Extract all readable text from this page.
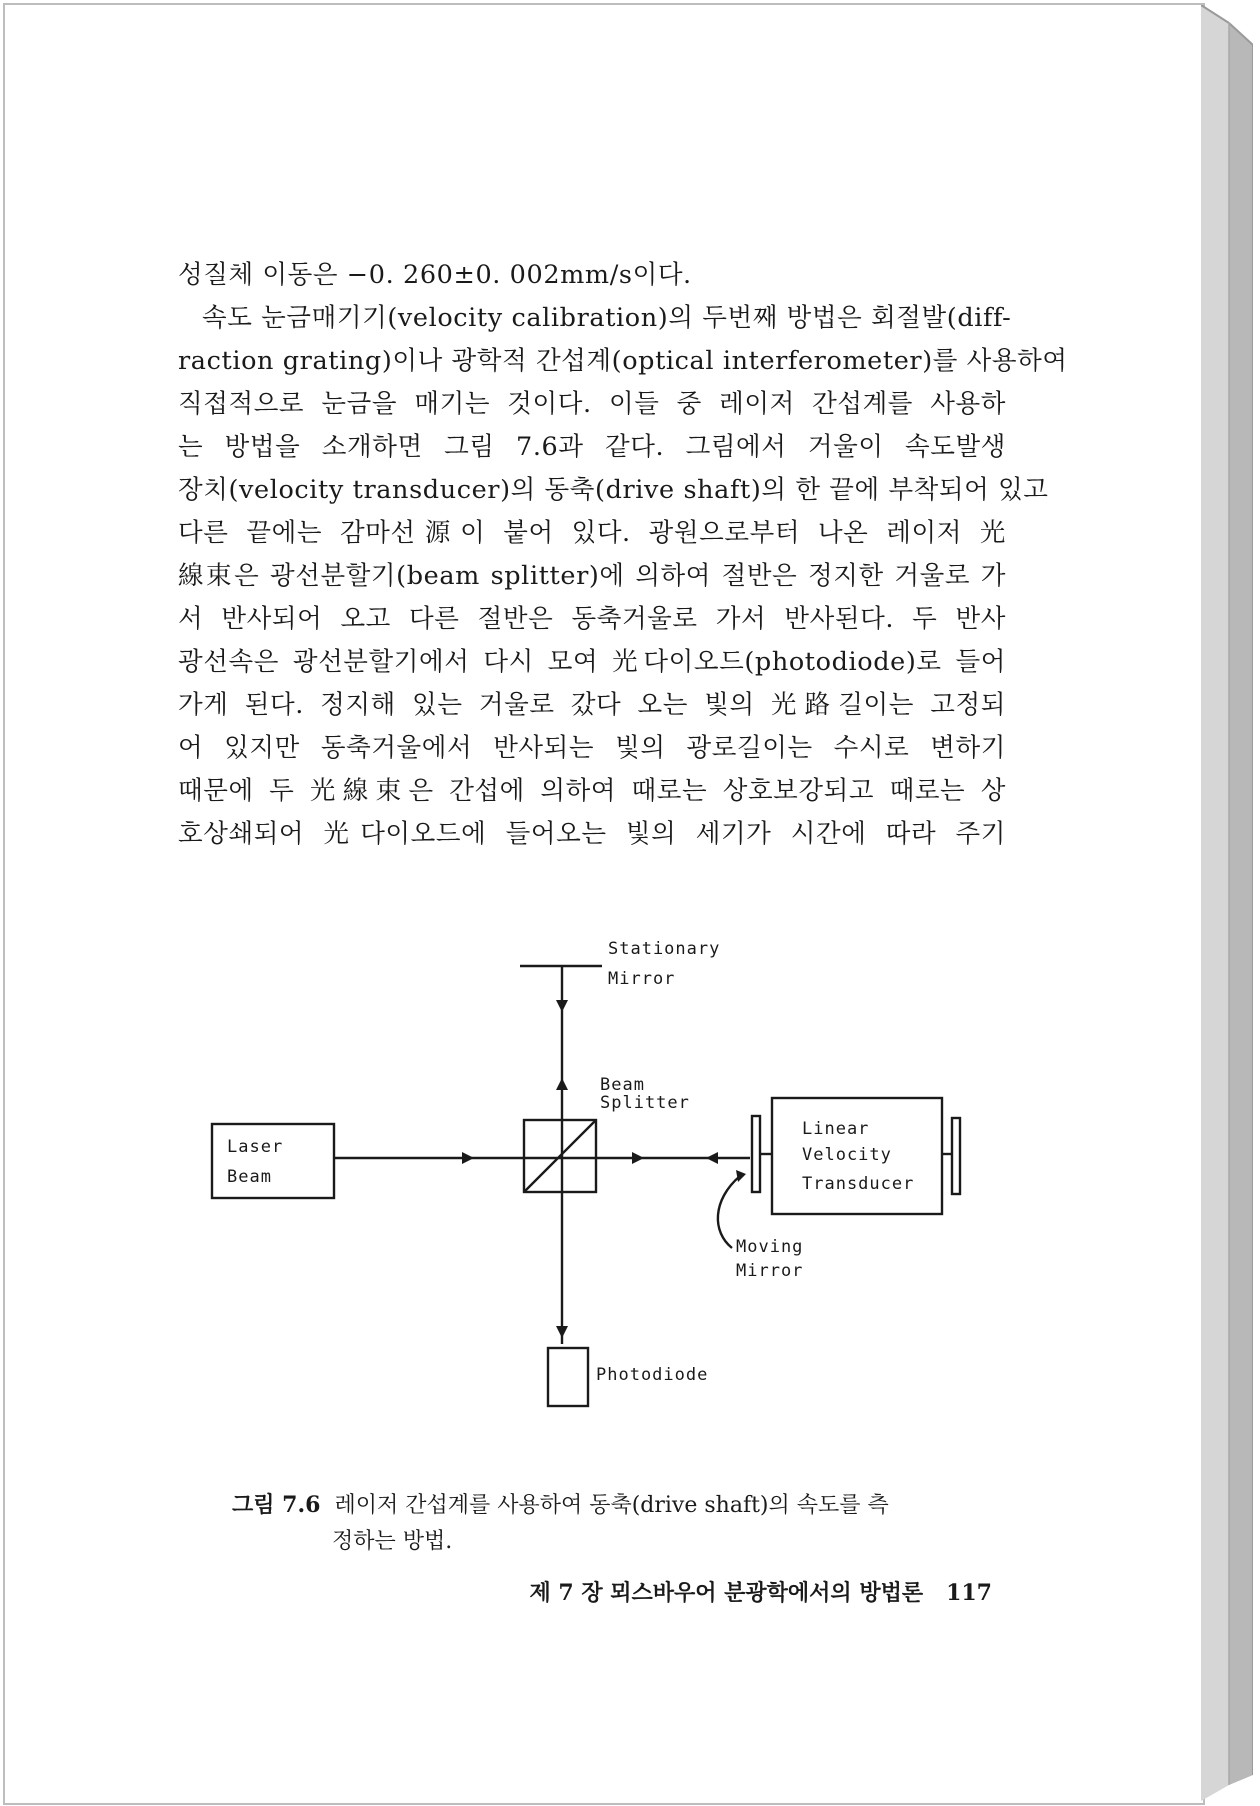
성질체 이동은 −0. 260±0. 002mm/s이다.
속도 눈금매기기(velocity calibration)의 두번째 방법은 회절발(diff-
raction grating)이나 광학적 간섭계(optical interferometer)를 사용하여
직접적으로 눈금을 매기는 것이다. 이들 중 레이저 간섭계를 사용하
는 방법을 소개하면 그림 7.6과 같다. 그림에서 거울이 속도발생
장치(velocity transducer)의 동축(drive shaft)의 한 끝에 부착되어 있고
다른 끝에는 감마선源이 붙어 있다. 광원으로부터 나온 레이저 光
線束은 광선분할기(beam splitter)에 의하여 절반은 정지한 거울로 가
서 반사되어 오고 다른 절반은 동축거울로 가서 반사된다. 두 반사
광선속은 광선분할기에서 다시 모여 光다이오드(photodiode)로 들어
가게 된다. 정지해 있는 거울로 갔다 오는 빛의 光路길이는 고정되
어 있지만 동축거울에서 반사되는 빛의 광로길이는 수시로 변하기
때문에 두 光線束은 간섭에 의하여 때로는 상호보강되고 때로는 상
호상쇄되어 光다이오드에 들어오는 빛의 세기가 시간에 따라 주기
Stationary
Mirror
Beam
Splitter
Laser
Beam
Linear
Velocity
Transducer
Moving
Mirror
Photodiode
그림 7.6 레이저 간섭계를 사용하여 동축(drive shaft)의 속도를 측
정하는 방법.
제 7 장 뫼스바우어 분광학에서의 방법론 117
